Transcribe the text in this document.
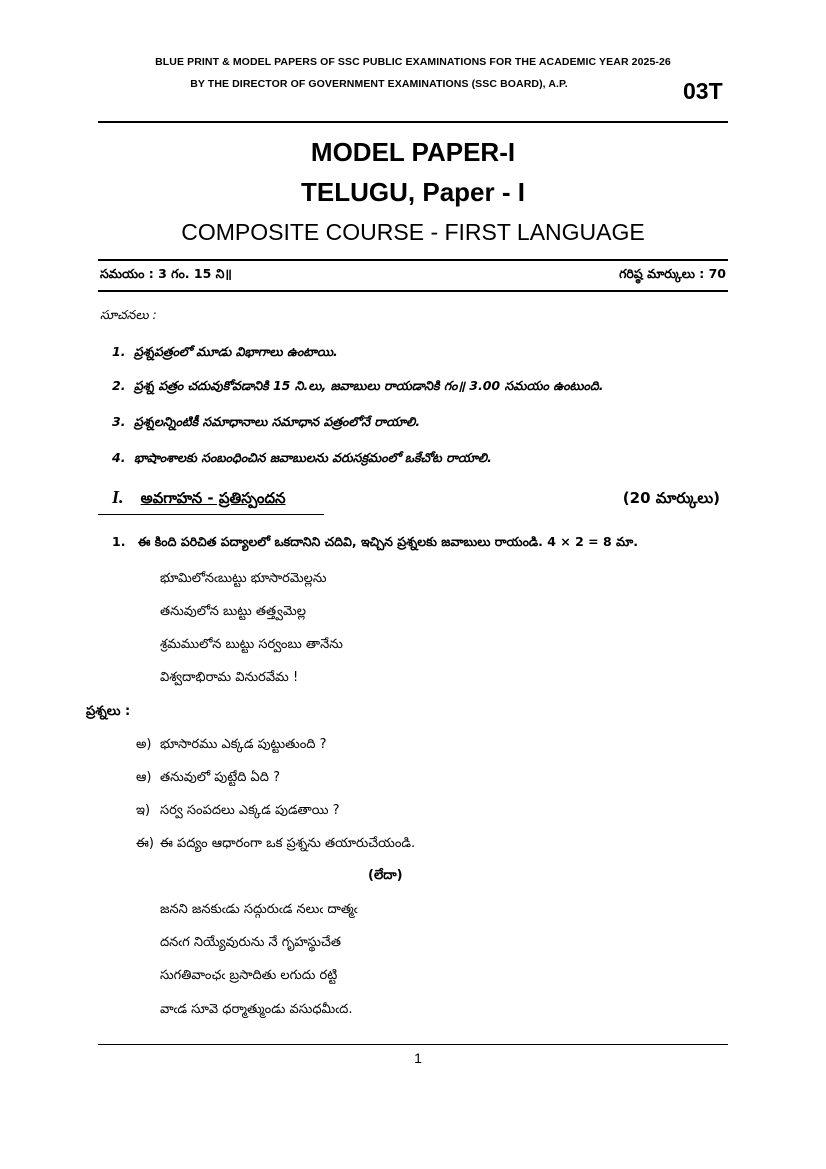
BLUE PRINT & MODEL PAPERS OF SSC PUBLIC EXAMINATIONS FOR THE ACADEMIC YEAR 2025-26
BY THE DIRECTOR OF GOVERNMENT EXAMINATIONS (SSC BOARD), A.P.	03T
MODEL PAPER-I
TELUGU, Paper - I
COMPOSITE COURSE - FIRST LANGUAGE
సమయం : 3 గం. 15 ని॥	గరిష్ఠ మార్కులు : 70
సూచనలు :
1. ప్రశ్నపత్రంలో మూడు విభాగాలు ఉంటాయి.
2. ప్రశ్న పత్రం చదువుకోవడానికి 15 ని.లు, జవాబులు రాయడానికి గం॥ 3.00 సమయం ఉంటుంది.
3. ప్రశ్నలన్నింటికీ సమాధానాలు సమాధాన పత్రంలోనే రాయాలి.
4. భాషాంశాలకు సంబంధించిన జవాబులను వరుసక్రమంలో ఒకేచోట రాయాలి.
I. అవగాహన - ప్రతిస్పందన	(20 మార్కులు)
1. ఈ కింది పరిచిత పద్యాలలో ఒకదానిని చదివి, ఇచ్చిన ప్రశ్నలకు జవాబులు రాయండి. 4 × 2 = 8 మా.
భూమిలోనఁబుట్టు భూసారమెల్లను
తనువులోన బుట్టు తత్త్వమెల్ల
శ్రమములోన బుట్టు సర్వంబు తానేను
విశ్వదాభిరామ వినురవేమ !
ప్రశ్నలు :
అ) భూసారము ఎక్కడ పుట్టుతుంది ?
ఆ) తనువులో పుట్టేది ఏది ?
ఇ) సర్వ సంపదలు ఎక్కడ పుడతాయి ?
ఈ) ఈ పద్యం ఆధారంగా ఒక ప్రశ్నను తయారుచేయండి.
(లేదా)
జనని జనకుఁడు సద్గురుఁడ నలుఁ దాత్మఁ
దనఁగ నియ్యేవురును నే గృహస్థుచేత
సుగతివాంఛఁ బ్రసాదితు లగుదు రట్టి
వాఁడ సూవె ధర్మాత్ముండు వసుధమీఁద.
1
